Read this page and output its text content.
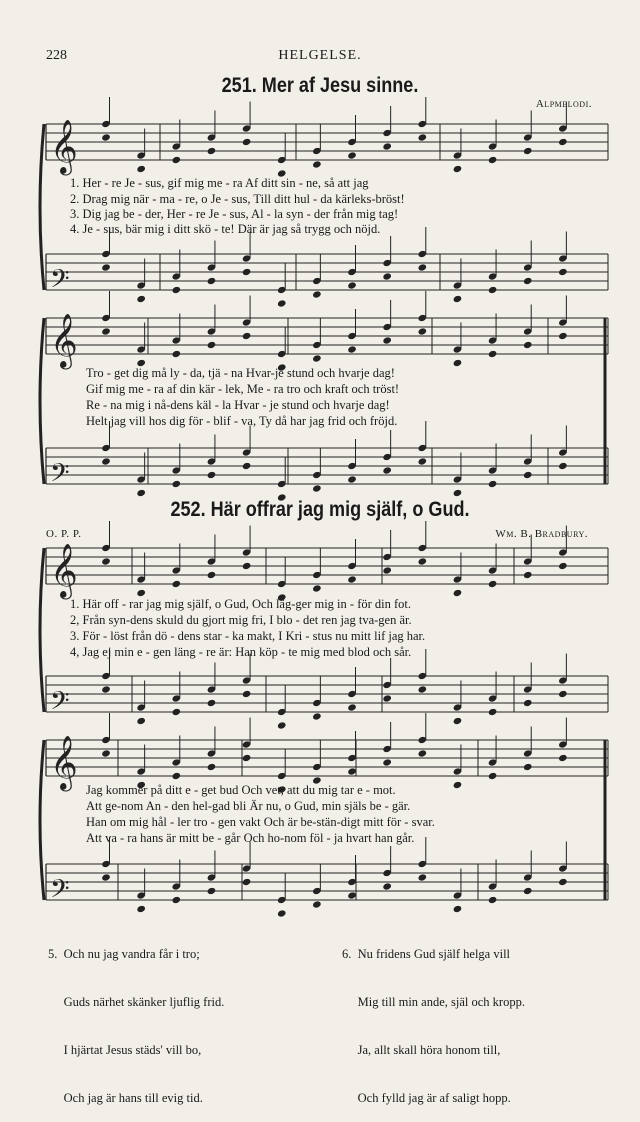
228	HELGELSE.
251. Mer af Jesu sinne.
Alpmelodi.
𝄞
𝄢
𝄞
𝄢
𝄞
𝄢
𝄞
𝄢
1. Her - re Je - sus, gif mig me - ra Af ditt sin - ne, så att jag
2. Drag mig när - ma - re, o Je - sus, Till ditt hul - da kärleks-bröst!
3. Dig jag be - der, Her - re Je - sus, Al - la syn - der från mig tag!
4. Je - sus, bär mig i ditt skö - te! Där är jag så trygg och nöjd.
Tro - get dig må ly - da, tjä - na Hvar-je stund och hvarje dag!
Gif mig me - ra af din kär - lek, Me - ra tro och kraft och tröst!
Re - na mig i nå-dens käl - la Hvar - je stund och hvarje dag!
Helt jag vill hos dig för - blif - va, Ty då har jag frid och fröjd.
252. Här offrar jag mig själf, o Gud.
O. P. P.	Wm. B. Bradbury.
1. Här off - rar jag mig själf, o Gud, Och läg-ger mig in - för din fot.
2, Från syn-dens skuld du gjort mig fri, I blo - det ren jag tva-gen är.
3. För - löst från dö - dens star - ka makt, I Kri - stus nu mitt lif jag har.
4, Jag ej min e - gen läng - re är: Han köp - te mig med blod och sår.
Jag kommer på ditt e - get bud Och vet, att du mig tar e - mot.
Att ge-nom An - den hel-gad bli Är nu, o Gud, min själs be - gär.
Han om mig hål - ler tro - gen vakt Och är be-stän-digt mitt för - svar.
Att va - ra hans är mitt be - går Och ho-nom föl - ja hvart han går.

5.  Och nu jag vandra får i tro;

Guds närhet skänker ljuflig frid.

I hjärtat Jesus städs' vill bo,

Och jag är hans till evig tid.

6.  Nu fridens Gud själf helga vill

Mig till min ande, själ och kropp.

Ja, allt skall höra honom till,

Och fylld jag är af saligt hopp.
